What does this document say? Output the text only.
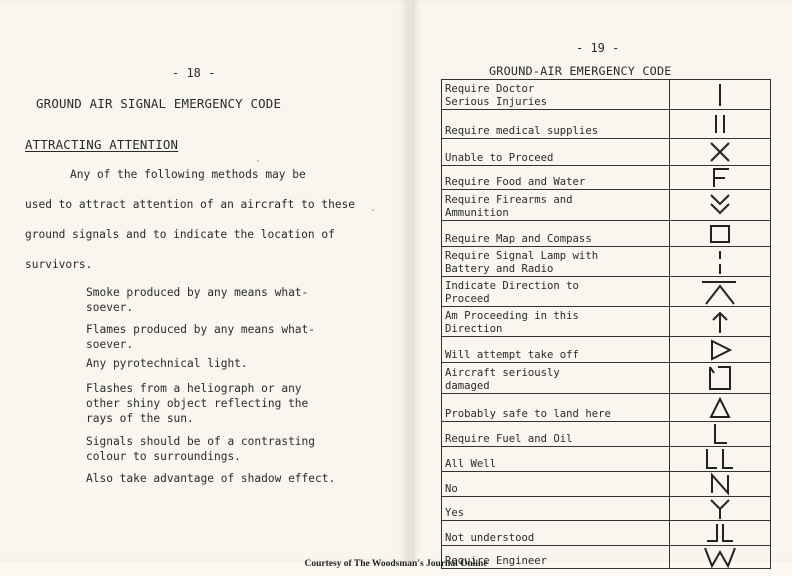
- 18 -
GROUND AIR SIGNAL EMERGENCY CODE
ATTRACTING ATTENTION
Any of the following methods may be
used to attract attention of an aircraft to these
ground signals and to indicate the location of
survivors.
Smoke produced by any means what-
soever.
Flames produced by any means what-
soever.
Any pyrotechnical light.
Flashes from a heliograph or any
other shiny object reflecting the
rays of the sun.
Signals should be of a contrasting
colour to surroundings.
Also take advantage of shadow effect.
- 19 -
GROUND-AIR EMERGENCY CODE
Require Doctor
Serious Injuries

Require medical supplies

Unable to Proceed

Require Food and Water

Require Firearms and
Ammunition

Require Map and Compass

Require Signal Lamp with
Battery and Radio

Indicate Direction to
Proceed

Am Proceeding in this
Direction

Will attempt take off

Aircraft seriously
damaged

Probably safe to land here

Require Fuel and Oil

All Well

No

Yes

Not understood

Require Engineer

Courtesy of The Woodsman's Journal Online
